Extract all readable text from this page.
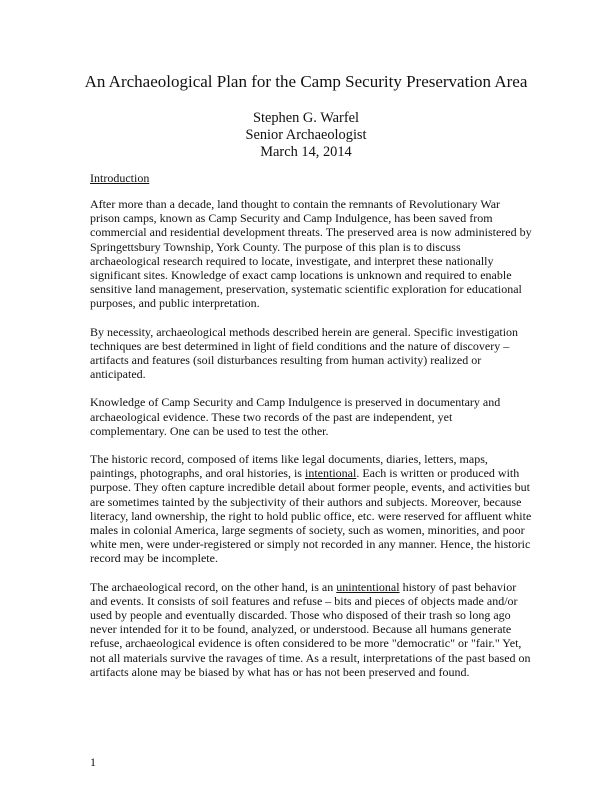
An Archaeological Plan for the Camp Security Preservation Area
Stephen G. Warfel
Senior Archaeologist
March 14, 2014
Introduction

After more than a decade, land thought to contain the remnants of Revolutionary War prison camps, known as Camp Security and Camp Indulgence, has been saved from commercial and residential development threats. The preserved area is now administered by Springettsbury Township, York County. The purpose of this plan is to discuss archaeological research required to locate, investigate, and interpret these nationally significant sites. Knowledge of exact camp locations is unknown and required to enable sensitive land management, preservation, systematic scientific exploration for educational purposes, and public interpretation.

By necessity, archaeological methods described herein are general. Specific investigation techniques are best determined in light of field conditions and the nature of discovery – artifacts and features (soil disturbances resulting from human activity) realized or anticipated.

Knowledge of Camp Security and Camp Indulgence is preserved in documentary and archaeological evidence. These two records of the past are independent, yet complementary. One can be used to test the other.

The historic record, composed of items like legal documents, diaries, letters, maps, paintings, photographs, and oral histories, is intentional. Each is written or produced with purpose. They often capture incredible detail about former people, events, and activities but are sometimes tainted by the subjectivity of their authors and subjects. Moreover, because literacy, land ownership, the right to hold public office, etc. were reserved for affluent white males in colonial America, large segments of society, such as women, minorities, and poor white men, were under-registered or simply not recorded in any manner. Hence, the historic record may be incomplete.

The archaeological record, on the other hand, is an unintentional history of past behavior and events. It consists of soil features and refuse – bits and pieces of objects made and/or used by people and eventually discarded. Those who disposed of their trash so long ago never intended for it to be found, analyzed, or understood. Because all humans generate refuse, archaeological evidence is often considered to be more "democratic" or "fair." Yet, not all materials survive the ravages of time. As a result, interpretations of the past based on artifacts alone may be biased by what has or has not been preserved and found.

1
